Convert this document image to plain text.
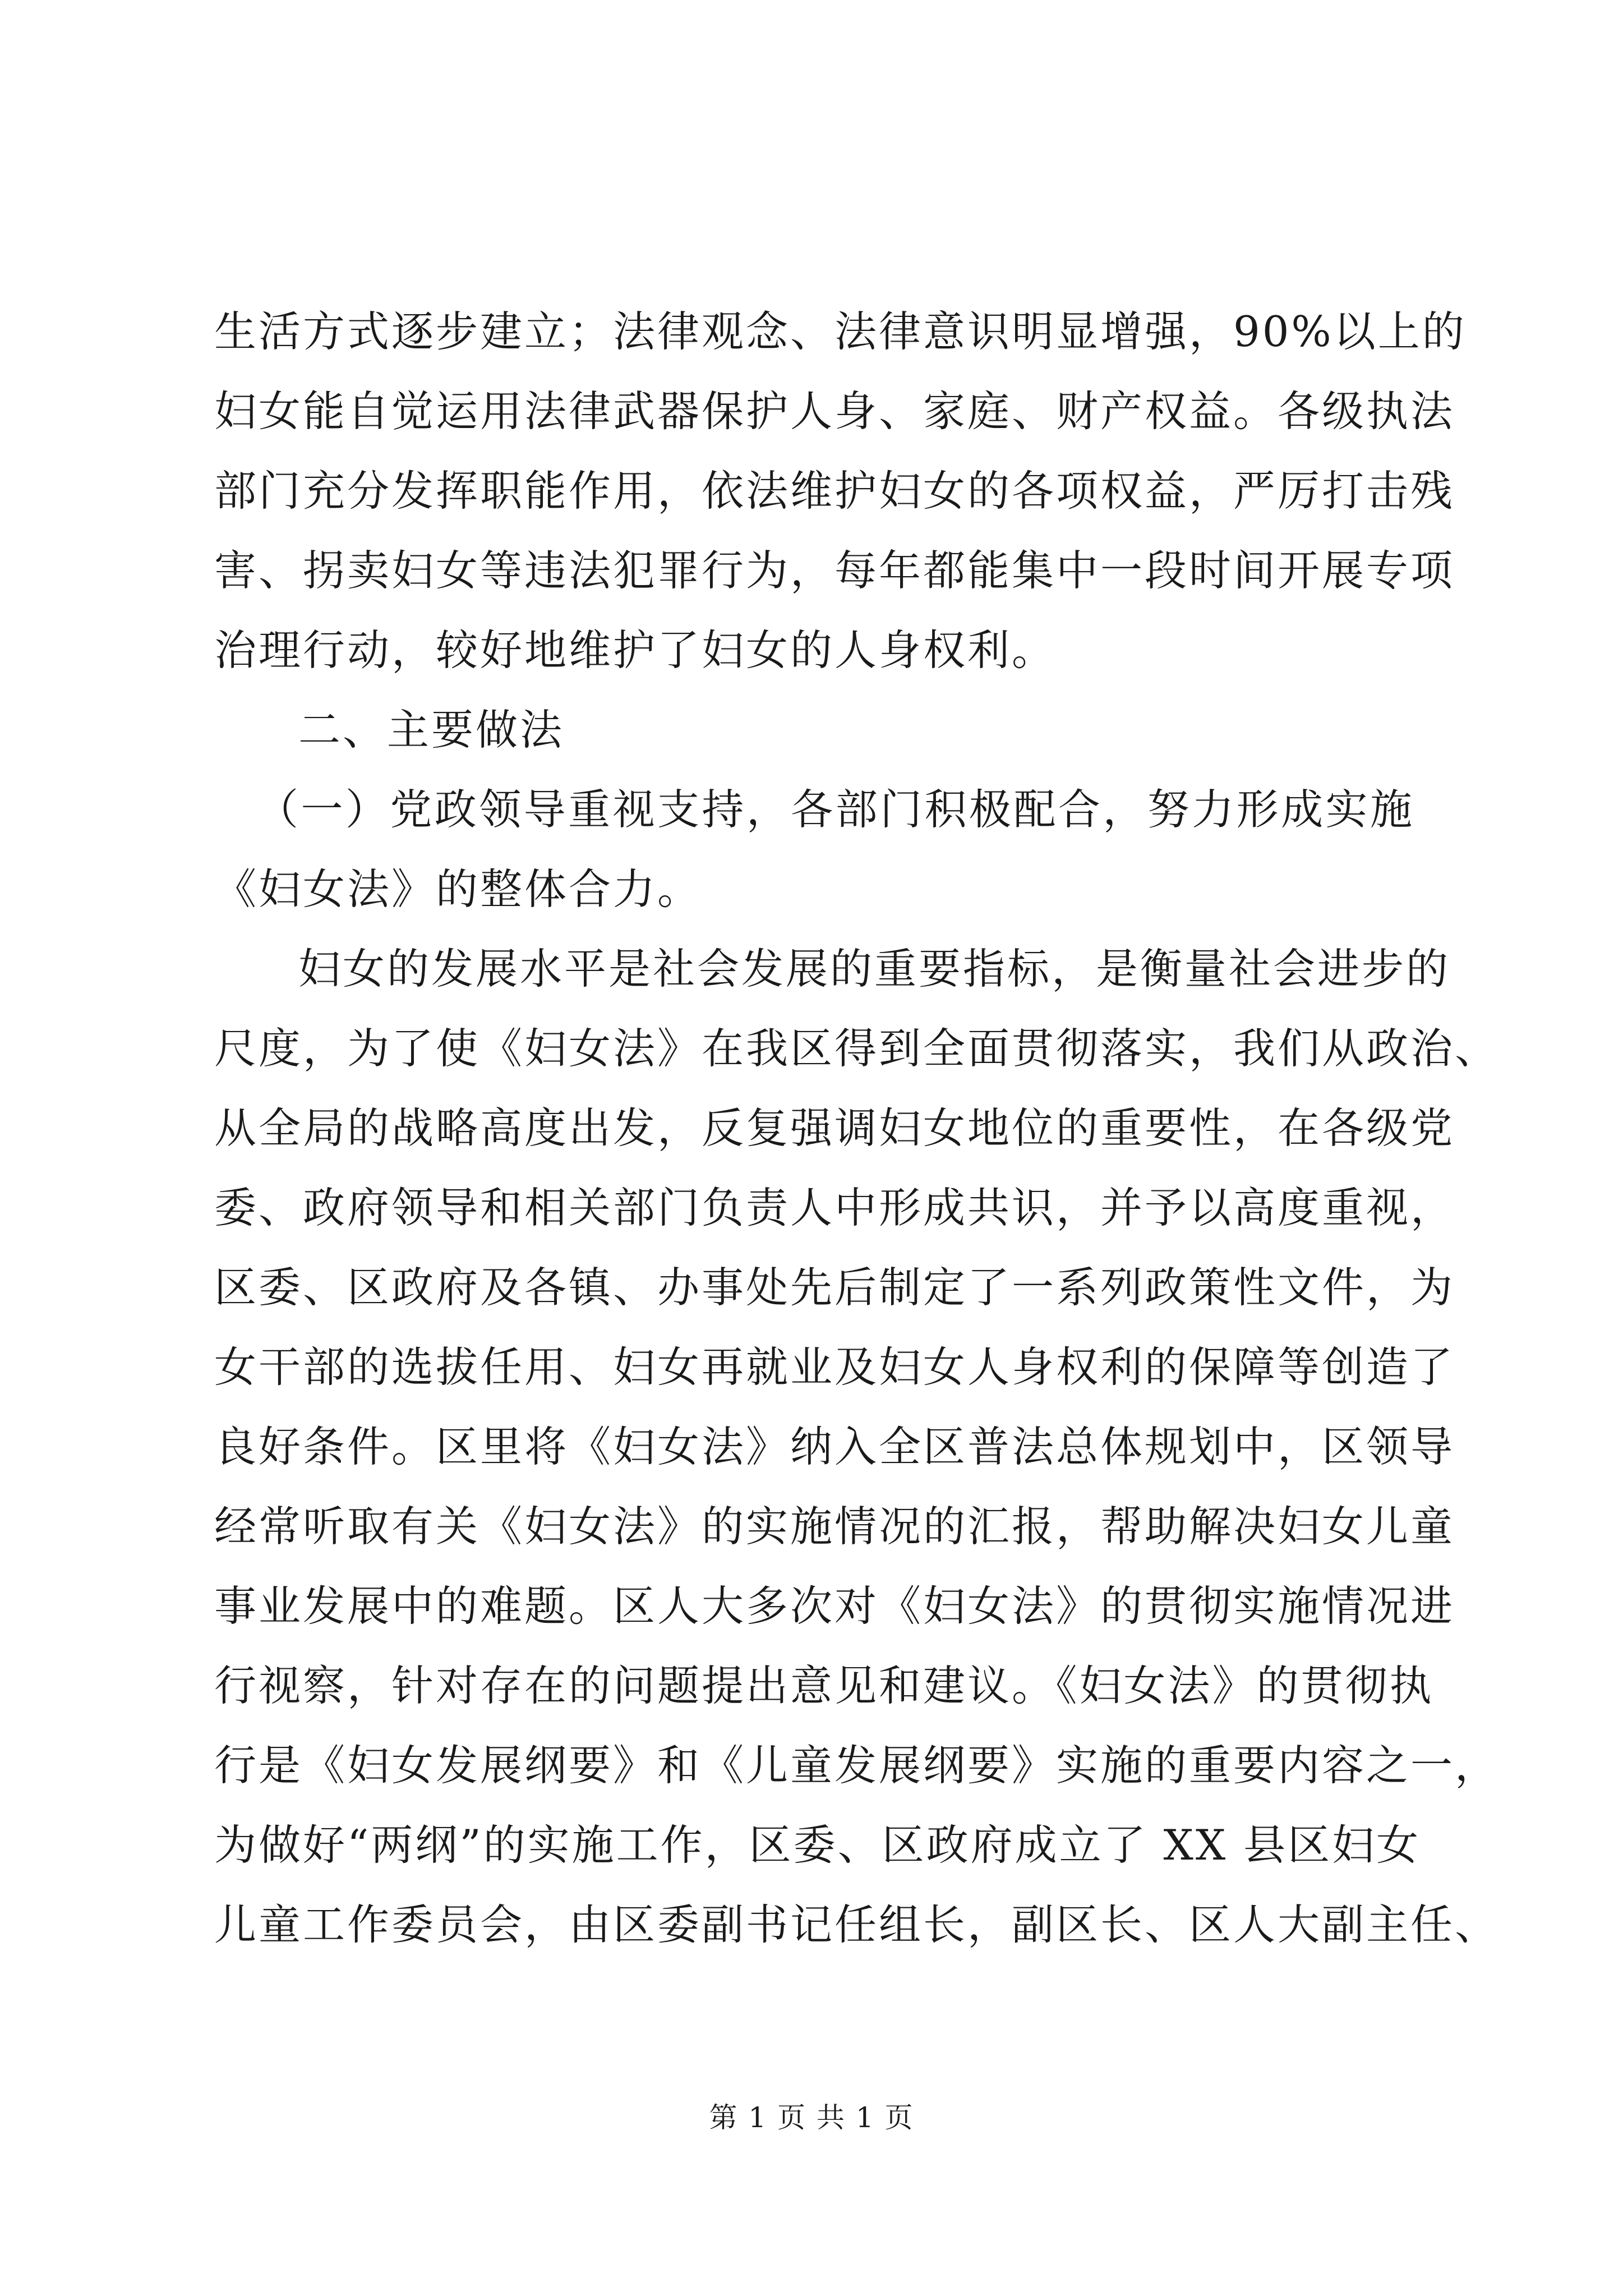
生活方式逐步建立；法律观念、法律意识明显增强，90%以上的
妇女能自觉运用法律武器保护人身、家庭、财产权益。各级执法
部门充分发挥职能作用，依法维护妇女的各项权益，严厉打击残
害、拐卖妇女等违法犯罪行为，每年都能集中一段时间开展专项
治理行动，较好地维护了妇女的人身权利。
二、主要做法
（一）党政领导重视支持，各部门积极配合，努力形成实施
《妇女法》的整体合力。
妇女的发展水平是社会发展的重要指标，是衡量社会进步的
尺度，为了使《妇女法》在我区得到全面贯彻落实，我们从政治、
从全局的战略高度出发，反复强调妇女地位的重要性，在各级党
委、政府领导和相关部门负责人中形成共识，并予以高度重视，
区委、区政府及各镇、办事处先后制定了一系列政策性文件，为
女干部的选拔任用、妇女再就业及妇女人身权利的保障等创造了
良好条件。区里将《妇女法》纳入全区普法总体规划中，区领导
经常听取有关《妇女法》的实施情况的汇报，帮助解决妇女儿童
事业发展中的难题。区人大多次对《妇女法》的贯彻实施情况进
行视察，针对存在的问题提出意见和建议。《妇女法》的贯彻执
行是《妇女发展纲要》和《儿童发展纲要》实施的重要内容之一，
为做好“两纲”的实施工作，区委、区政府成立了 XX 县区妇女
儿童工作委员会，由区委副书记任组长，副区长、区人大副主任、
第 1 页 共 1 页
